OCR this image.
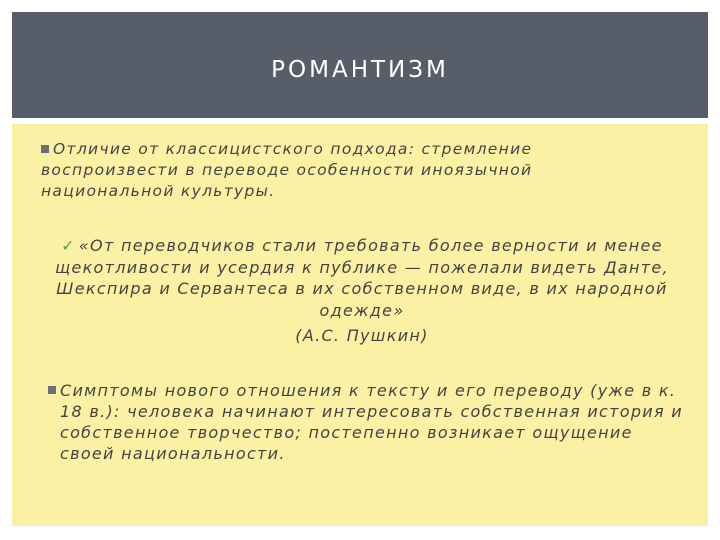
РОМАНТИЗМ
Отличие от классицистского подхода: стремление воспроизвести в переводе особенности иноязычной национальной культуры.
✓ «От переводчиков стали требовать более верности и менее щекотливости и усердия к публике — пожелали видеть Данте, Шекспира и Сервантеса в их собственном виде, в их народной одежде»
(А.С. Пушкин)
Симптомы нового отношения к тексту и его переводу (уже в к. 18 в.): человека начинают интересовать собственная история и собственное творчество; постепенно возникает ощущение своей национальности.
